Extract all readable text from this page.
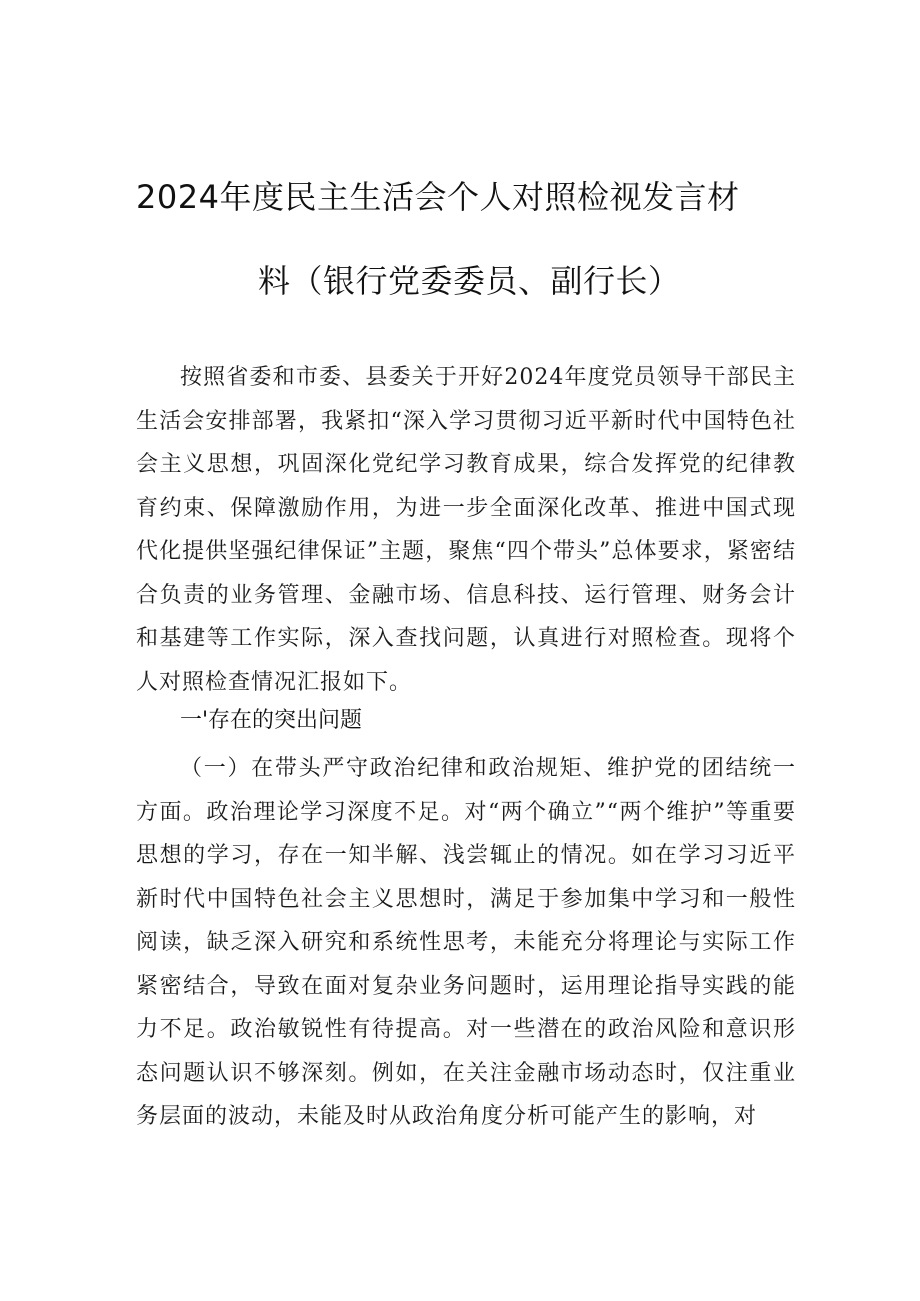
2024年度民主生活会个人对照检视发言材
料（银行党委委员、副行长）

按照省委和市委、县委关于开好2024年度党员领导干部民主生活会安排部署，我紧扣“深入学习贯彻习近平新时代中国特色社会主义思想，巩固深化党纪学习教育成果，综合发挥党的纪律教育约束、保障激励作用，为进一步全面深化改革、推进中国式现代化提供坚强纪律保证”主题，聚焦“四个带头”总体要求，紧密结合负责的业务管理、金融市场、信息科技、运行管理、财务会计和基建等工作实际，深入查找问题，认真进行对照检查。现将个人对照检查情况汇报如下。

一'存在的突出问题

（一）在带头严守政治纪律和政治规矩、维护党的团结统一方面。政治理论学习深度不足。对“两个确立”“两个维护”等重要思想的学习，存在一知半解、浅尝辄止的情况。如在学习习近平新时代中国特色社会主义思想时，满足于参加集中学习和一般性阅读，缺乏深入研究和系统性思考，未能充分将理论与实际工作紧密结合，导致在面对复杂业务问题时，运用理论指导实践的能力不足。政治敏锐性有待提高。对一些潜在的政治风险和意识形态问题认识不够深刻。例如，在关注金融市场动态时，仅注重业务层面的波动，未能及时从政治角度分析可能产生的影响，对
